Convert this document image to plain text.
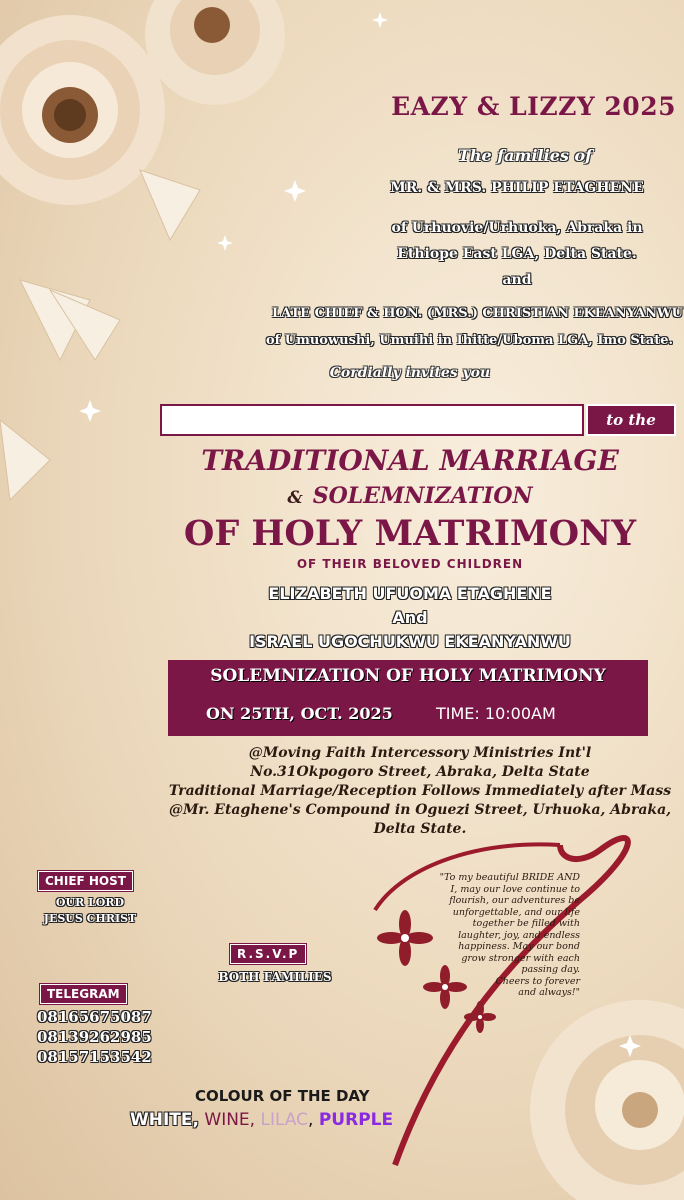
EAZY & LIZZY 2025
The families of
MR. & MRS. PHILIP ETAGHENE
of Urhuovie/Urhuoka, Abraka in
Ethiope East LGA, Delta State.
and
LATE CHIEF & HON. (MRS.) CHRISTIAN EKEANYANWU
of Umuowushi, Umuihi in Ihitte/Uboma LGA, Imo State.
Cordially invites you
to the
TRADITIONAL MARRIAGE
& SOLEMNIZATION
OF HOLY MATRIMONY
OF THEIR BELOVED CHILDREN
ELIZABETH UFUOMA ETAGHENE
And
ISRAEL UGOCHUKWU EKEANYANWU
SOLEMNIZATION OF HOLY MATRIMONY
ON 25TH, OCT. 2025	TIME: 10:00AM
@Moving Faith Intercessory Ministries Int'l
No.31Okpogoro Street, Abraka, Delta State
Traditional Marriage/Reception Follows Immediately after Mass
@Mr. Etaghene's Compound in Oguezi Street, Urhuoka, Abraka,
Delta State.
CHIEF HOST
OUR LORD
JESUS CHRIST
R.S.V.P
BOTH FAMILIES
TELEGRAM
08165675087
08139262985
08157153542
"To my beautiful BRIDE AND
I, may our love continue to
flourish, our adventures be
unforgettable, and our life
together be filled with
laughter, joy, and endless
happiness. May our bond
grow stronger with each
passing day.
Cheers to forever
and always!"
COLOUR OF THE DAY
WHITE, WINE, LILAC, PURPLE
